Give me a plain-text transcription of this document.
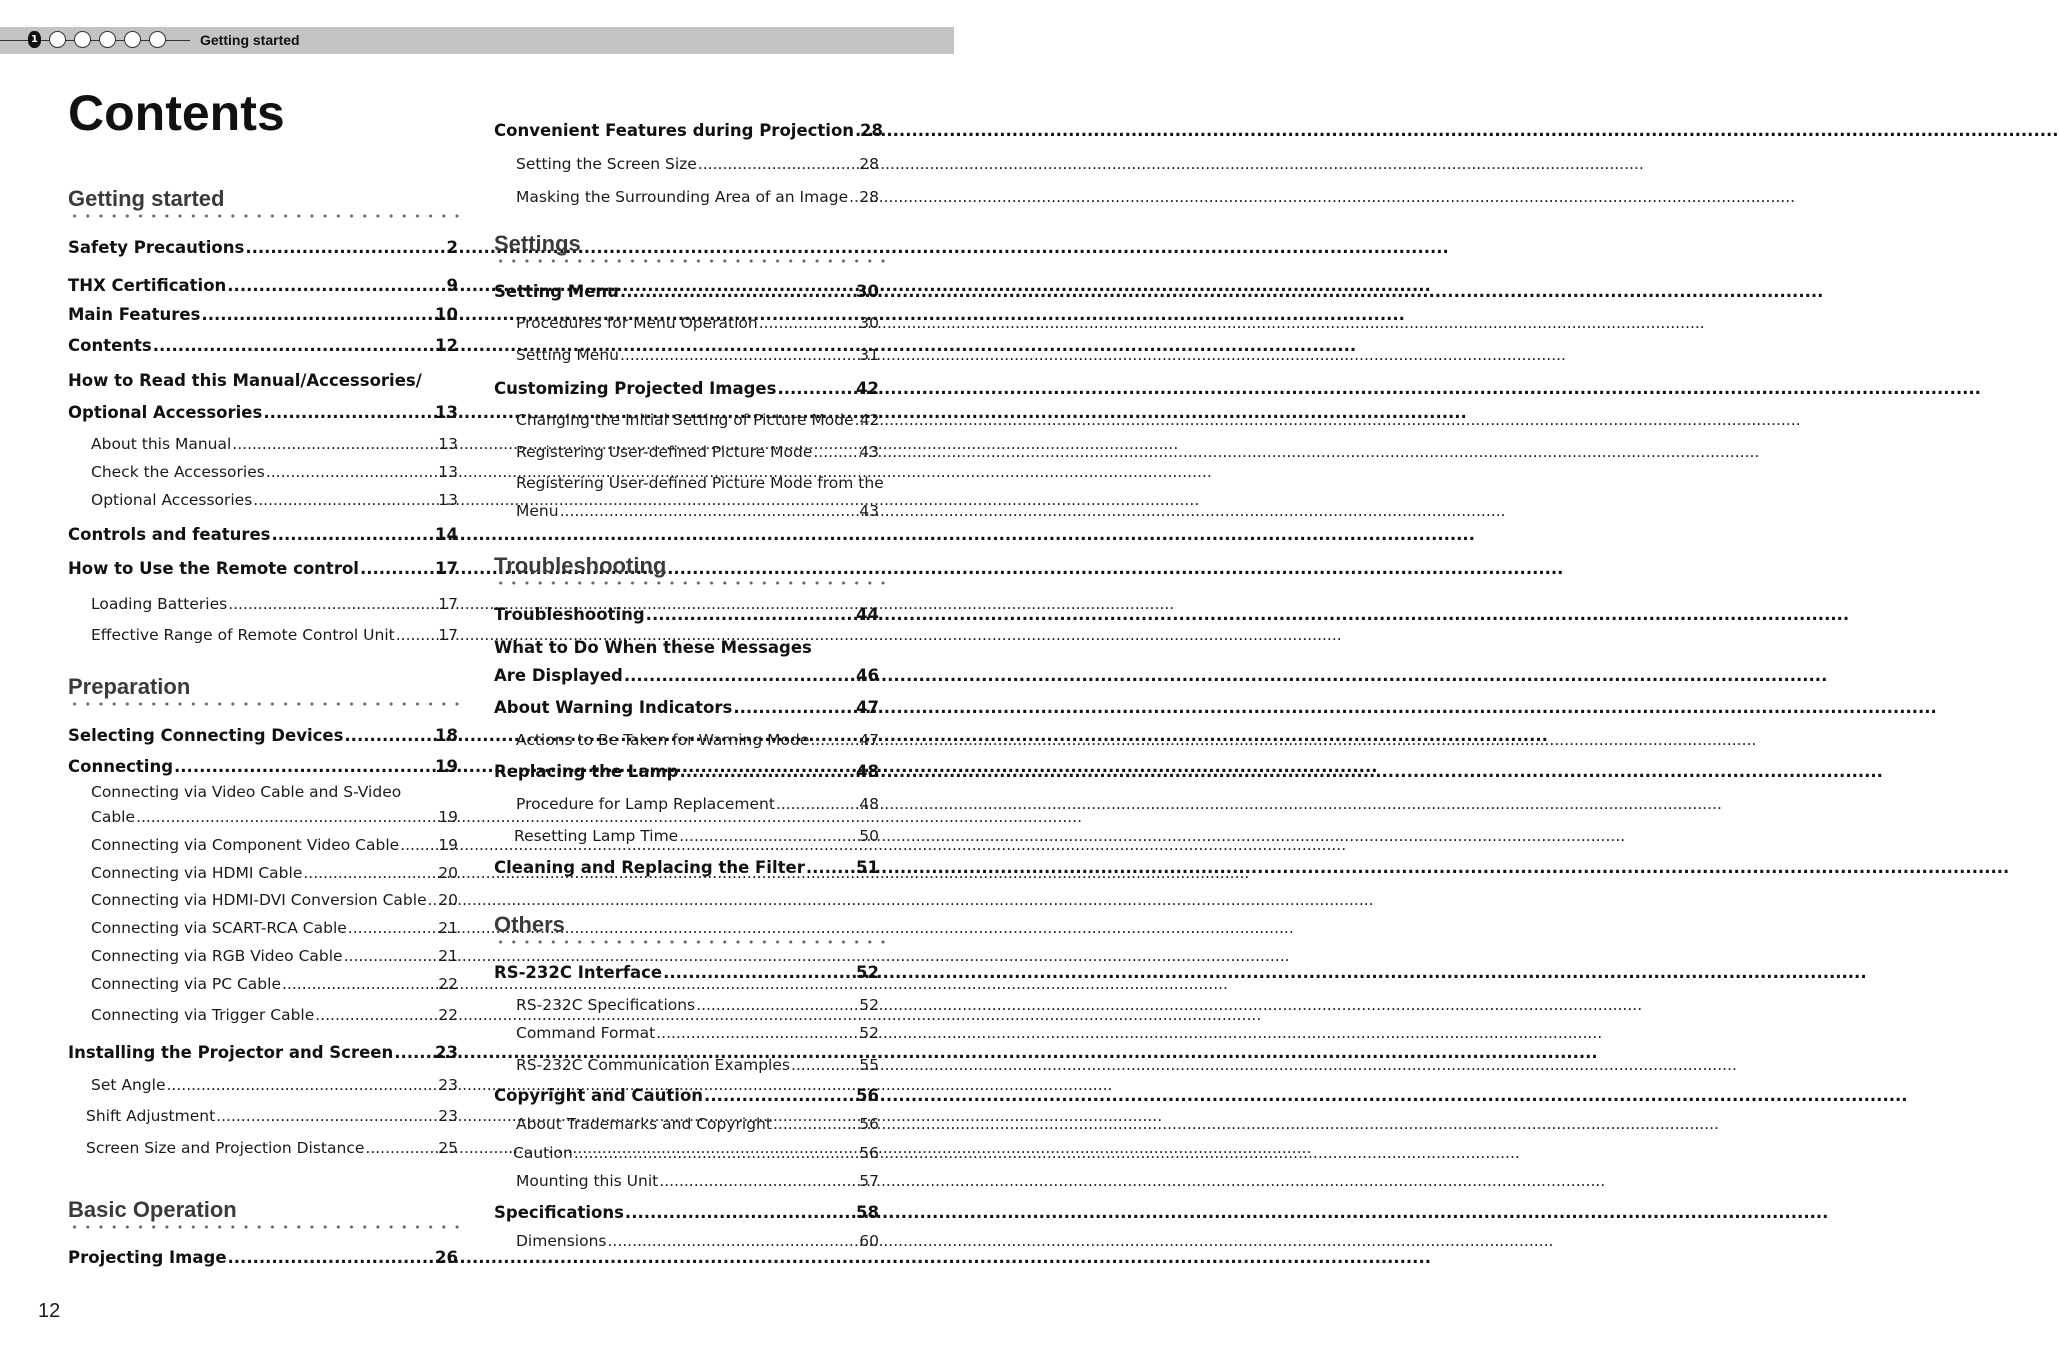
1	Getting started
Contents
Getting started
Safety Precautions .....	2
THX Certification .....	9
Main Features .....	10
Contents .....	12
How to Read this Manual/Accessories/
Optional Accessories .....	13
About this Manual .....	13
Check the Accessories .....	13
Optional Accessories .....	13
Controls and features .....	14
How to Use the Remote control .....	17
Loading Batteries .....	17
Effective Range of Remote Control Unit .....	17
Preparation
Selecting Connecting Devices .....	18
Connecting .....	19
Connecting via Video Cable and S-Video
Cable .....	19
Connecting via Component Video Cable .....	19
Connecting via HDMI Cable .....	20
Connecting via HDMI-DVI Conversion Cable ..... 20
Connecting via SCART-RCA Cable .....	21
Connecting via RGB Video Cable .....	21
Connecting via PC Cable .....	22
Connecting via Trigger Cable .....	22
Installing the Projector and Screen .....	23
Set Angle .....	23
Shift Adjustment .....	23
Screen Size and Projection Distance .....	25
Basic Operation
Projecting Image .....	26
Convenient Features during Projection ..... 28
Setting the Screen Size .....	28
Masking the Surrounding Area of an Image ..... 28
Settings
Setting Menu .....	30
Procedures for Menu Operation .....	30
Setting Menu .....	31
Customizing Projected Images .....	42
Changing the Initial Setting of Picture Mode ..... 42
Registering User-defined Picture Mode .....	43
Registering User-defined Picture Mode from the
Menu .....	43
Troubleshooting
Troubleshooting .....	44
What to Do When these Messages
Are Displayed .....	46
About Warning Indicators .....	47
Actions to Be Taken for Warning Mode .....	47
Replacing the Lamp .....	48
Procedure for Lamp Replacement .....	48
Resetting Lamp Time .....	50
Cleaning and Replacing the Filter .....	51
Others
RS-232C Interface .....	52
RS-232C Specifications .....	52
Command Format .....	52
RS-232C Communication Examples .....	55
Copyright and Caution .....	56
About Trademarks and Copyright .....	56
Caution .....	56
Mounting this Unit .....	57
Specifications .....	58
Dimensions .....	60
12
